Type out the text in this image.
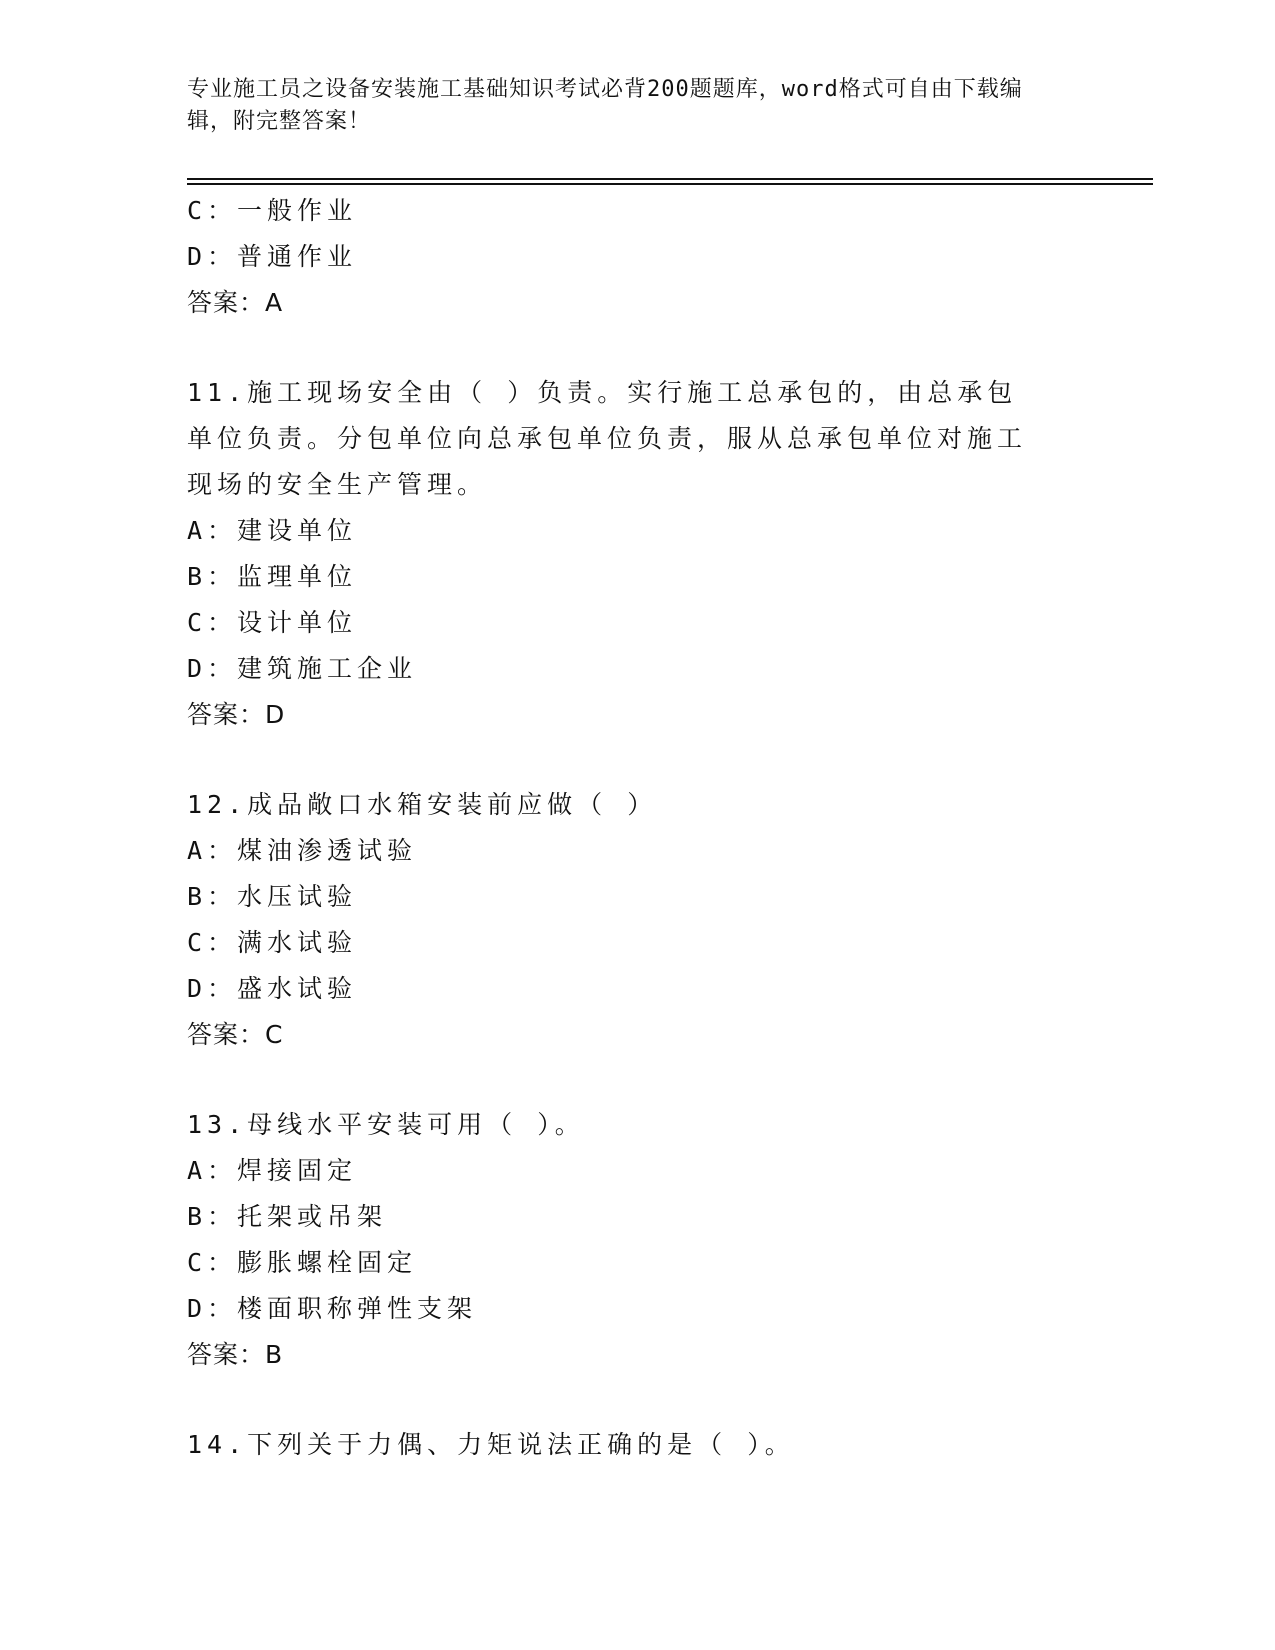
专业施工员之设备安装施工基础知识考试必背200题题库，word格式可自由下载编辑，附完整答案！

C：一般作业

D：普通作业

答案：A

11.施工现场安全由（ ）负责。实行施工总承包的，由总承包单位负责。分包单位向总承包单位负责，服从总承包单位对施工现场的安全生产管理。

A：建设单位

B：监理单位

C：设计单位

D：建筑施工企业

答案：D

12.成品敞口水箱安装前应做（ ）

A：煤油渗透试验

B：水压试验

C：满水试验

D：盛水试验

答案：C

13.母线水平安装可用（ ）。

A：焊接固定

B：托架或吊架

C：膨胀螺栓固定

D：楼面职称弹性支架

答案：B

14.下列关于力偶、力矩说法正确的是（ ）。
